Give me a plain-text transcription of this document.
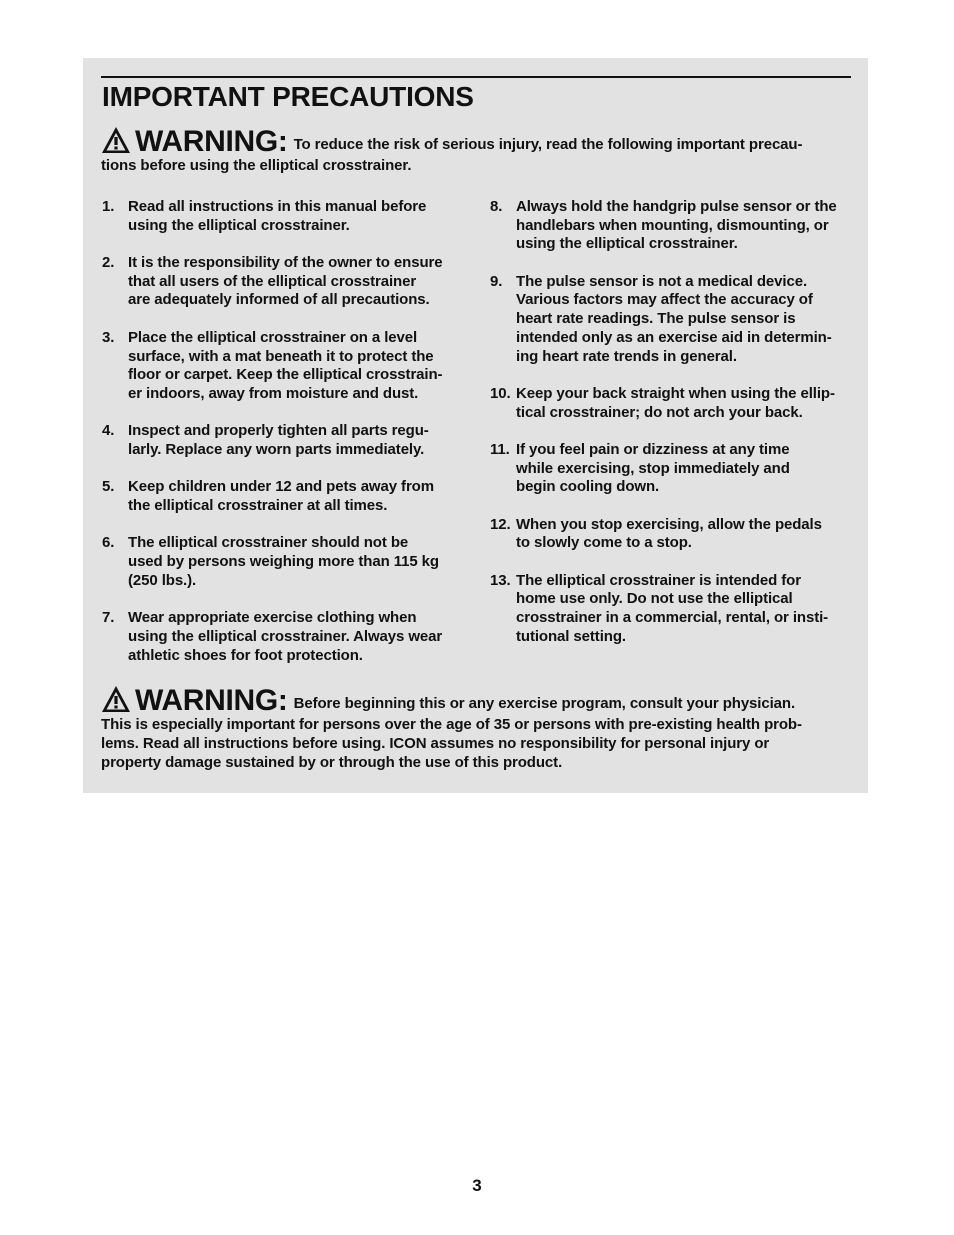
IMPORTANT PRECAUTIONS
WARNING: To reduce the risk of serious injury, read the following important precau-
tions before using the elliptical crosstrainer.
1. Read all instructions in this manual before
using the elliptical crosstrainer.
2. It is the responsibility of the owner to ensure
that all users of the elliptical crosstrainer
are adequately informed of all precautions.
3. Place the elliptical crosstrainer on a level
surface, with a mat beneath it to protect the
floor or carpet. Keep the elliptical crosstrain-
er indoors, away from moisture and dust.
4. Inspect and properly tighten all parts regu-
larly. Replace any worn parts immediately.
5. Keep children under 12 and pets away from
the elliptical crosstrainer at all times.
6. The elliptical crosstrainer should not be
used by persons weighing more than 115 kg
(250 lbs.).
7. Wear appropriate exercise clothing when
using the elliptical crosstrainer. Always wear
athletic shoes for foot protection.
8. Always hold the handgrip pulse sensor or the
handlebars when mounting, dismounting, or
using the elliptical crosstrainer.
9. The pulse sensor is not a medical device.
Various factors may affect the accuracy of
heart rate readings. The pulse sensor is
intended only as an exercise aid in determin-
ing heart rate trends in general.
10. Keep your back straight when using the ellip-
tical crosstrainer; do not arch your back.
11. If you feel pain or dizziness at any time
while exercising, stop immediately and
begin cooling down.
12. When you stop exercising, allow the pedals
to slowly come to a stop.
13. The elliptical crosstrainer is intended for
home use only. Do not use the elliptical
crosstrainer in a commercial, rental, or insti-
tutional setting.
WARNING: Before beginning this or any exercise program, consult your physician.
This is especially important for persons over the age of 35 or persons with pre-existing health prob-
lems. Read all instructions before using. ICON assumes no responsibility for personal injury or
property damage sustained by or through the use of this product.
3
